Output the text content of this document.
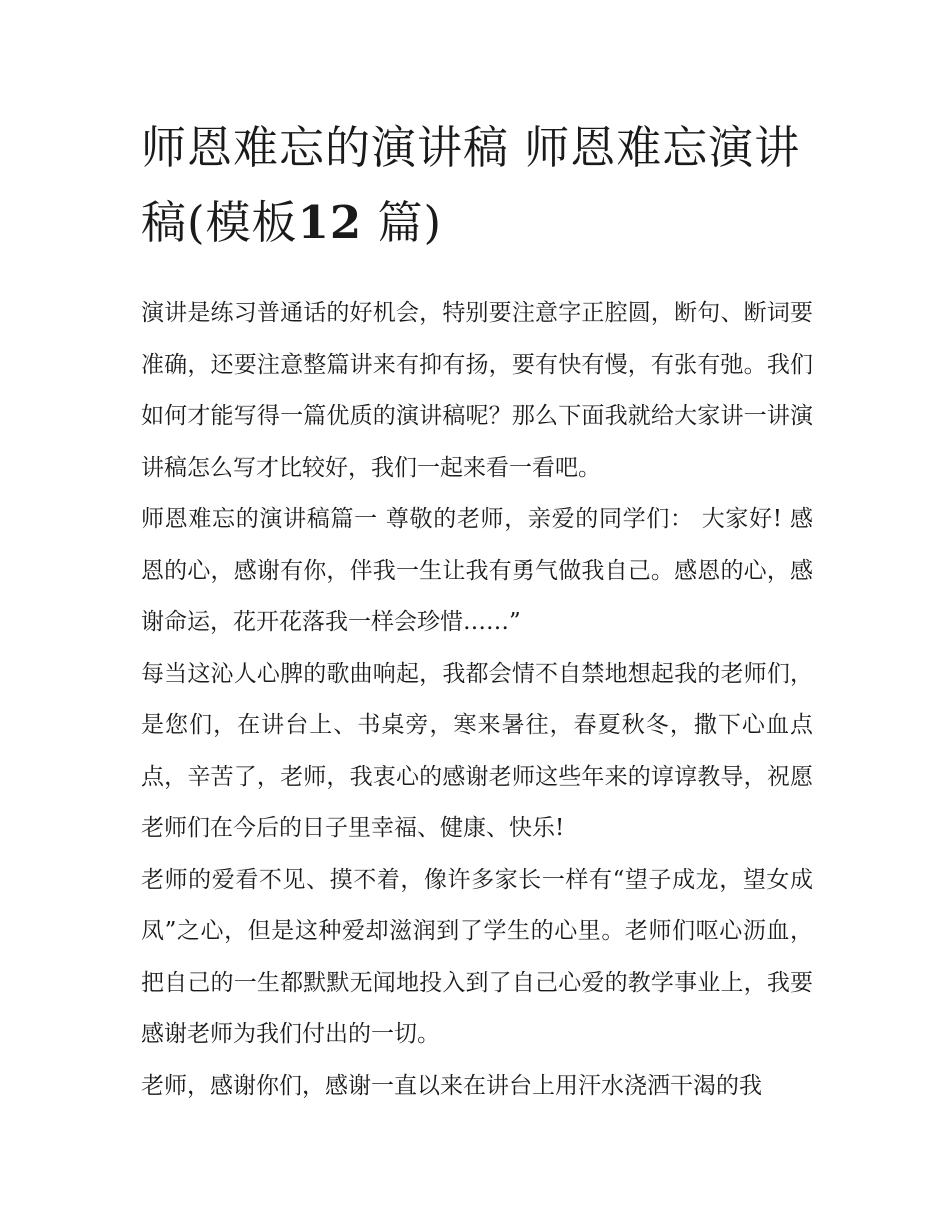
师恩难忘的演讲稿 师恩难忘演讲稿(模板12 篇)

演讲是练习普通话的好机会，特别要注意字正腔圆，断句、断词要准确，还要注意整篇讲来有抑有扬，要有快有慢，有张有弛。我们如何才能写得一篇优质的演讲稿呢？那么下面我就给大家讲一讲演讲稿怎么写才比较好，我们一起来看一看吧。

师恩难忘的演讲稿篇一 尊敬的老师，亲爱的同学们： 大家好! 感恩的心，感谢有你，伴我一生让我有勇气做我自己。感恩的心，感谢命运，花开花落我一样会珍惜……”

每当这沁人心脾的歌曲响起，我都会情不自禁地想起我的老师们，是您们，在讲台上、书桌旁，寒来暑往，春夏秋冬，撒下心血点点，辛苦了，老师，我衷心的感谢老师这些年来的谆谆教导，祝愿老师们在今后的日子里幸福、健康、快乐!

老师的爱看不见、摸不着，像许多家长一样有“望子成龙，望女成凤”之心，但是这种爱却滋润到了学生的心里。老师们呕心沥血，把自己的一生都默默无闻地投入到了自己心爱的教学事业上，我要感谢老师为我们付出的一切。

老师，感谢你们，感谢一直以来在讲台上用汗水浇洒干渴的我
